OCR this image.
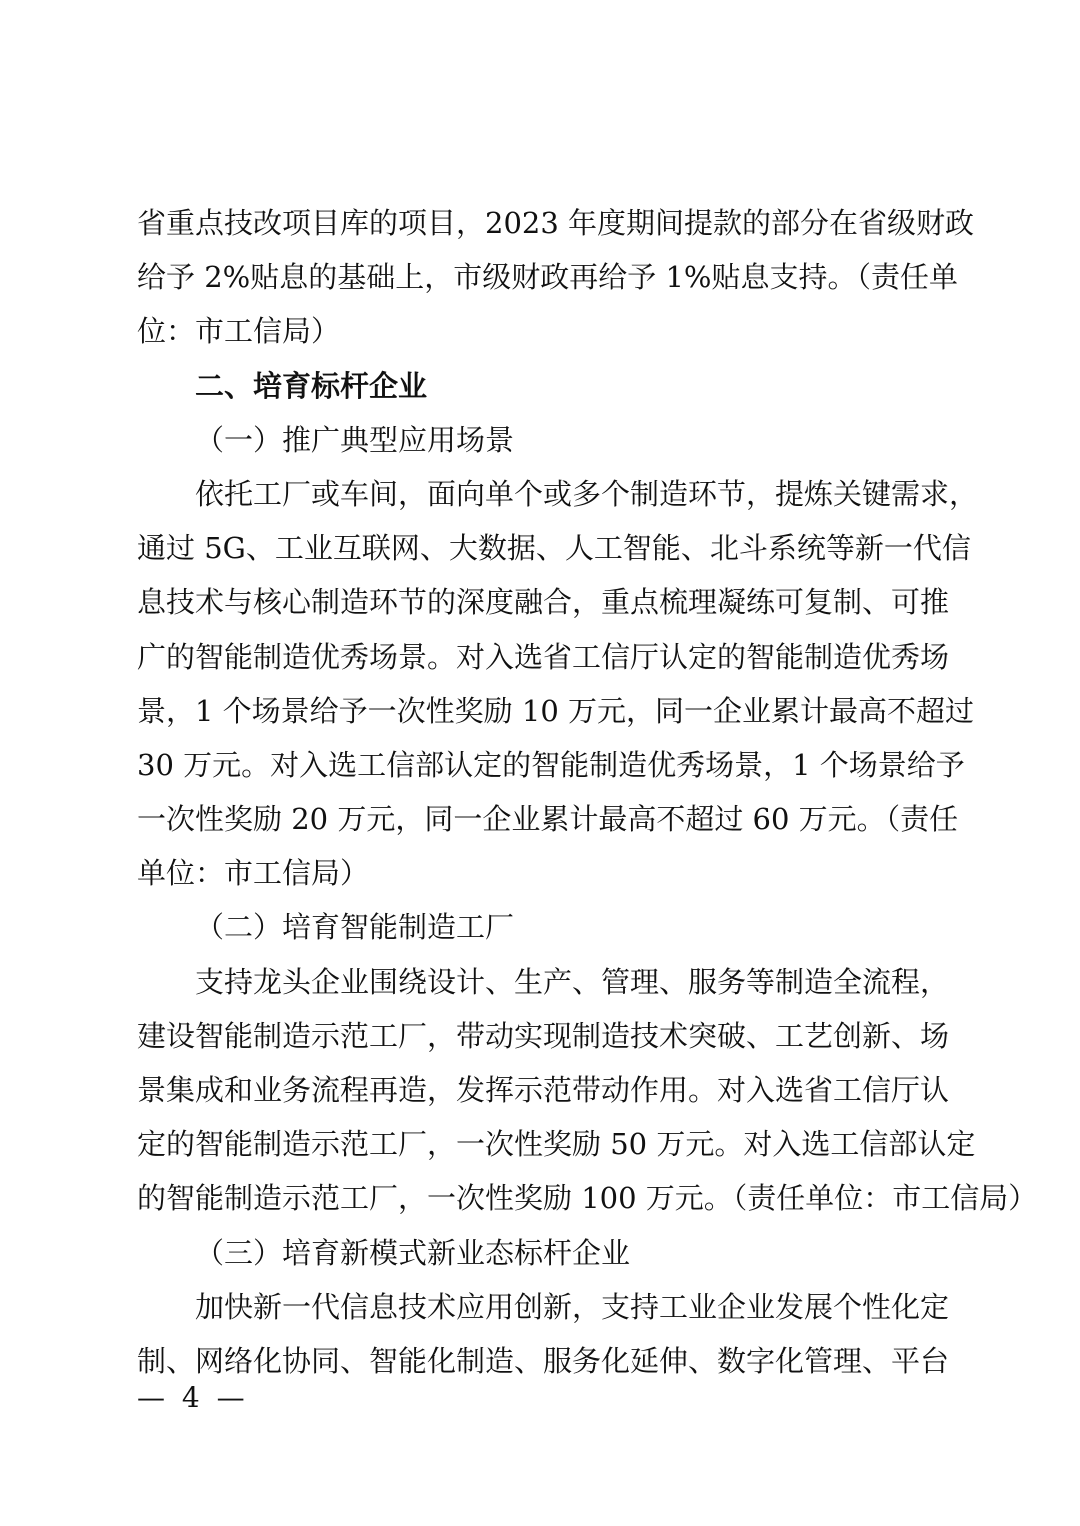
省重点技改项目库的项目，2023 年度期间提款的部分在省级财政
给予 2%贴息的基础上，市级财政再给予 1%贴息支持。（责任单
位：市工信局）
二、培育标杆企业
（一）推广典型应用场景
依托工厂或车间，面向单个或多个制造环节，提炼关键需求，
通过 5G、工业互联网、大数据、人工智能、北斗系统等新一代信
息技术与核心制造环节的深度融合，重点梳理凝练可复制、可推
广的智能制造优秀场景。对入选省工信厅认定的智能制造优秀场
景，1 个场景给予一次性奖励 10 万元，同一企业累计最高不超过
30 万元。对入选工信部认定的智能制造优秀场景，1 个场景给予
一次性奖励 20 万元，同一企业累计最高不超过 60 万元。（责任
单位：市工信局）
（二）培育智能制造工厂
支持龙头企业围绕设计、生产、管理、服务等制造全流程，
建设智能制造示范工厂，带动实现制造技术突破、工艺创新、场
景集成和业务流程再造，发挥示范带动作用。对入选省工信厅认
定的智能制造示范工厂，一次性奖励 50 万元。对入选工信部认定
的智能制造示范工厂，一次性奖励 100 万元。（责任单位：市工信局）
（三）培育新模式新业态标杆企业
加快新一代信息技术应用创新，支持工业企业发展个性化定
制、网络化协同、智能化制造、服务化延伸、数字化管理、平台
— 4 —
